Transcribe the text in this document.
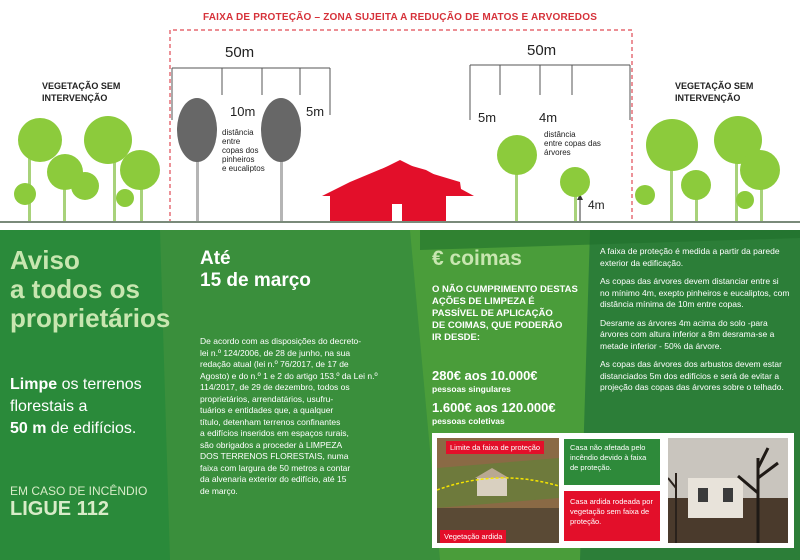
FAIXA DE PROTEÇÃO – ZONA SUJEITA A REDUÇÃO DE MATOS E ARVOREDOS
VEGETAÇÃO SEM
INTERVENÇÃO
VEGETAÇÃO SEM
INTERVENÇÃO
50m
10m	5m
distância
entre
copas dos
pinheiros
e eucaliptos
50m
5m	4m
distância
entre copas das
árvores
4m
Aviso
a todos os
proprietários
Limpe os terrenos
florestais a
50 m de edifícios.
EM CASO DE INCÊNDIO
LIGUE 112
Até
15 de março
De acordo com as disposições do decreto-
lei n.º 124/2006, de 28 de junho, na sua
redação atual (lei n.º 76/2017, de 17 de
Agosto) e do n.º 1 e 2 do artigo 153.º da Lei n.º
114/2017, de 29 de dezembro, todos os
proprietários, arrendatários, usufru-
tuários e entidades que, a qualquer
título, detenham terrenos confinantes
a edifícios inseridos em espaços rurais,
são obrigados a proceder à LIMPEZA
DOS TERRENOS FLORESTAIS, numa
faixa com largura de 50 metros a contar
da alvenaria exterior do edifício, até 15
de março.
€ coimas
O NÃO CUMPRIMENTO DESTAS
AÇÕES DE LIMPEZA É
PASSÍVEL DE APLICAÇÃO
DE COIMAS, QUE PODERÃO
IR DESDE:
280€ aos 10.000€
pessoas singulares
1.600€ aos 120.000€
pessoas coletivas
A faixa de proteção é medida a partir da parede exterior da edificação.
As copas das árvores devem distanciar entre si no mínimo 4m, exepto pinheiros e eucaliptos, com distância mínima de 10m entre copas.
Desrame as árvores 4m acima do solo -para árvores com altura inferior a 8m desrama-se a metade inferior - 50% da árvore.
As copas das árvores dos arbustos devem estar distanciados 5m dos edifícios e será de evitar a projeção das copas das árvores sobre o telhado.
Limite da faixa de proteção
Vegetação ardida
Casa não afetada pelo incêndio devido à faixa de proteção.
Casa ardida rodeada por vegetação sem faixa de proteção.
